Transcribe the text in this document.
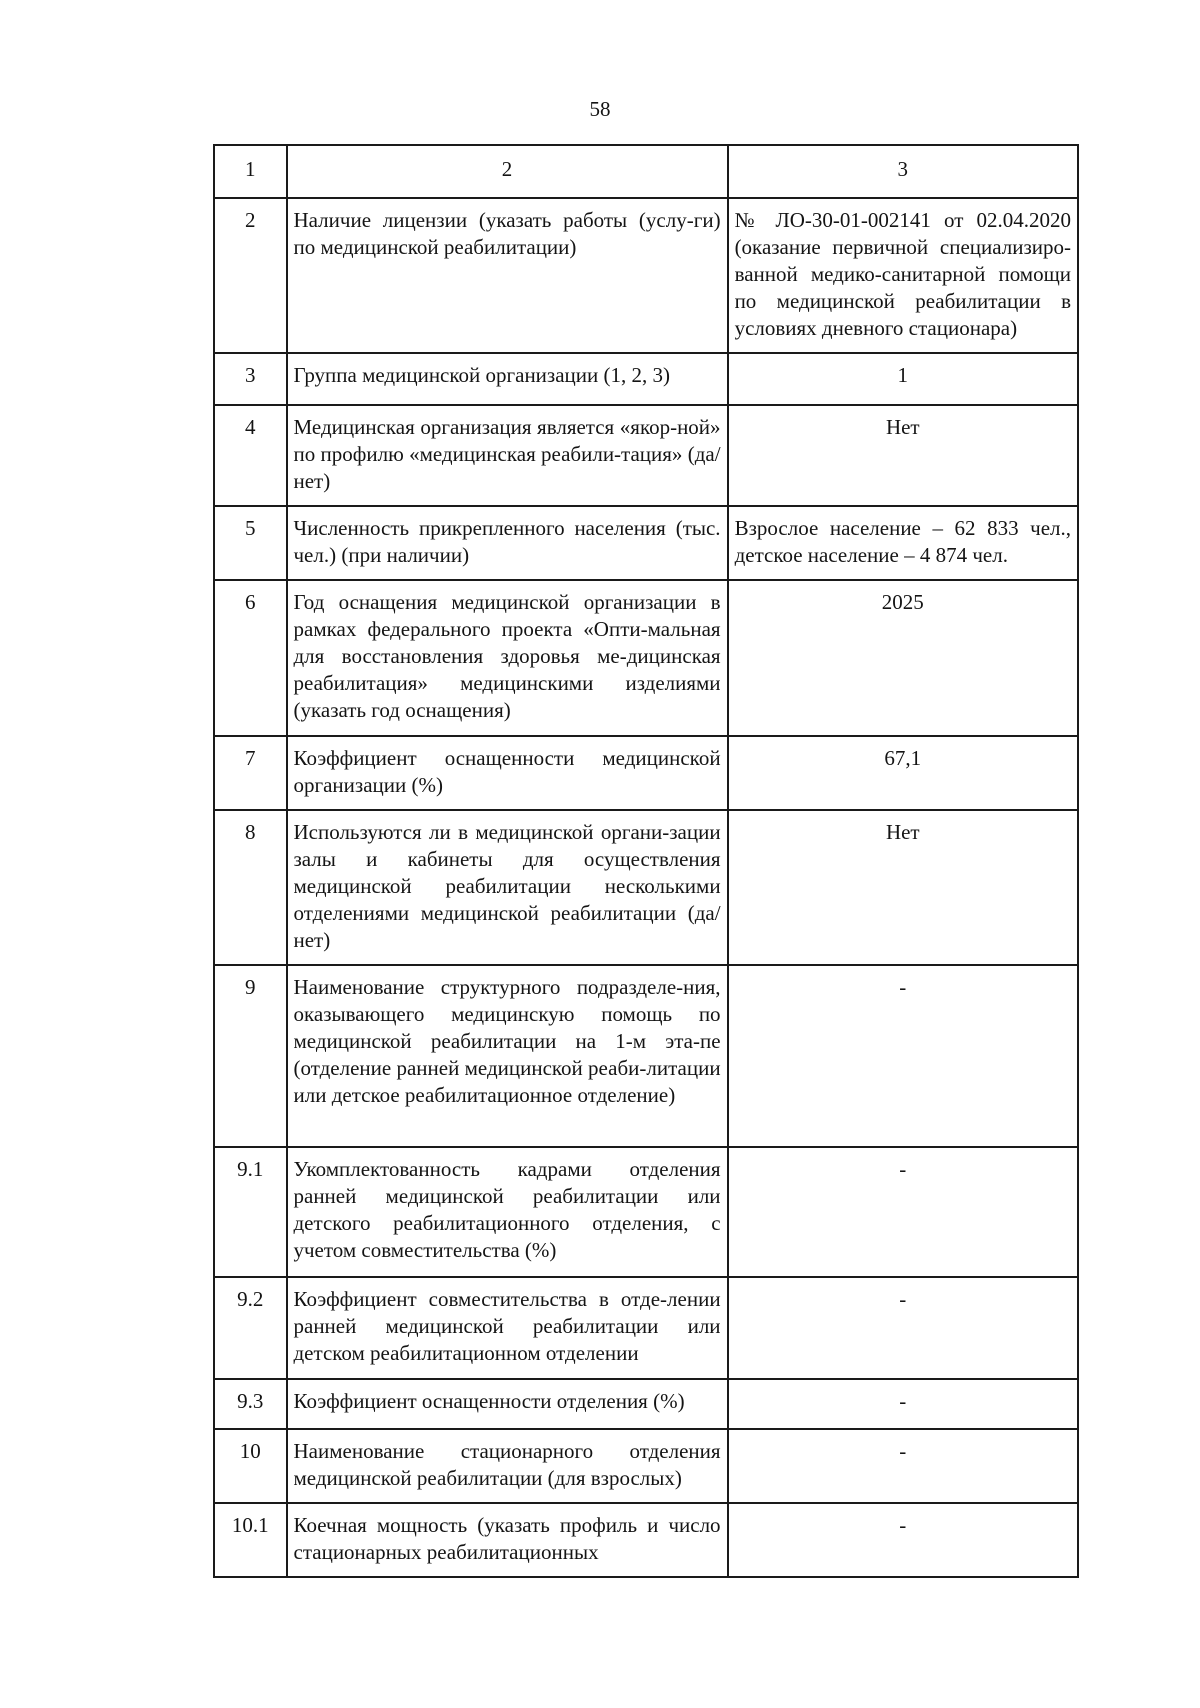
58
1	2	3
2	Наличие лицензии (указать работы (услу-ги) по медицинской реабилитации)	№ ЛО-30-01-002141 от 02.04.2020 (оказание первичной специализиро-ванной медико-санитарной помощи по медицинской реабилитации в условиях дневного стационара)
3	Группа медицинской организации (1, 2, 3)	1
4	Медицинская организация является «якор-ной» по профилю «медицинская реабили-тация» (да/нет)	Нет
5	Численность прикрепленного населения (тыс. чел.) (при наличии)	Взрослое население – 62 833 чел., детское население – 4 874 чел.
6	Год оснащения медицинской организации в рамках федерального проекта «Опти-мальная для восстановления здоровья ме-дицинская реабилитация» медицинскими изделиями (указать год оснащения)	2025
7	Коэффициент оснащенности медицинской организации (%)	67,1
8	Используются ли в медицинской органи-зации залы и кабинеты для осуществления медицинской реабилитации несколькими отделениями медицинской реабилитации (да/нет)	Нет
9	Наименование структурного подразделе-ния, оказывающего медицинскую помощь по медицинской реабилитации на 1-м эта-пе (отделение ранней медицинской реаби-литации или детское реабилитационное отделение)	-
9.1	Укомплектованность кадрами отделения ранней медицинской реабилитации или детского реабилитационного отделения, с учетом совместительства (%)	-
9.2	Коэффициент совместительства в отде-лении ранней медицинской реабилитации или детском реабилитационном отделении	-
9.3	Коэффициент оснащенности отделения (%)	-
10	Наименование стационарного отделения медицинской реабилитации (для взрослых)	-
10.1	Коечная мощность (указать профиль и число стационарных реабилитационных	-
